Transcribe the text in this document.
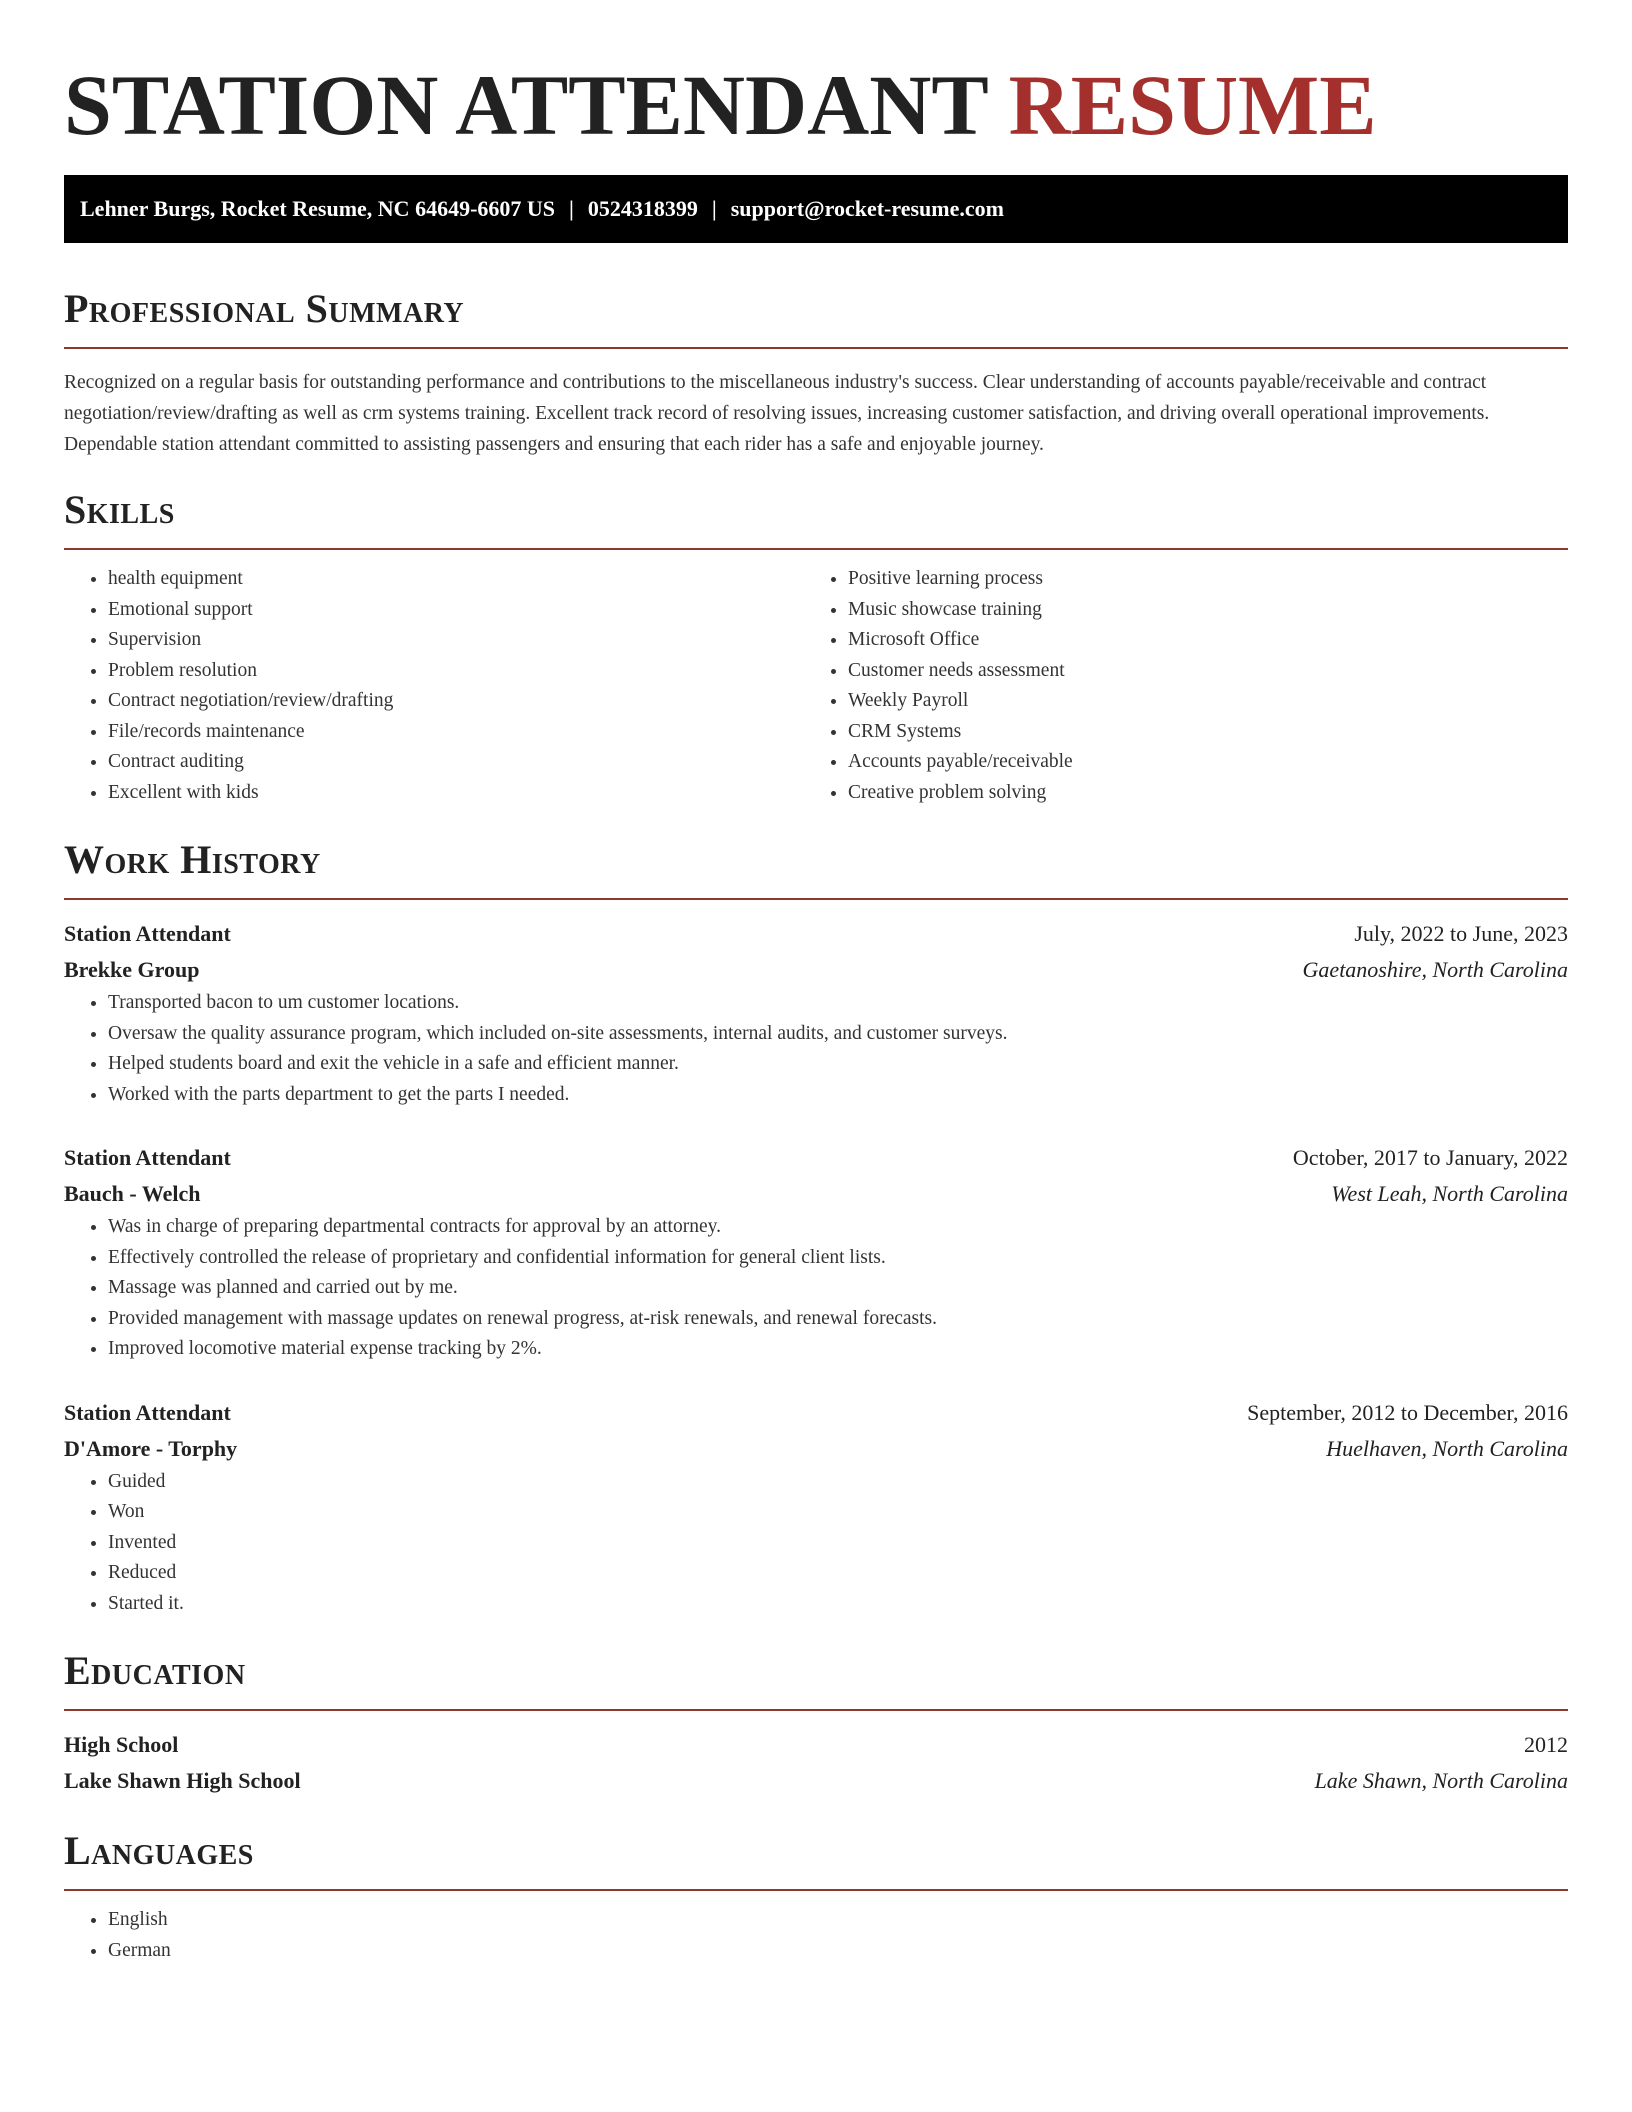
STATION ATTENDANT RESUME
Lehner Burgs, Rocket Resume, NC 64649-6607 US | 0524318399 | support@rocket-resume.com
Professional Summary

Recognized on a regular basis for outstanding performance and contributions to the miscellaneous industry's success. Clear understanding of accounts payable/receivable and contract negotiation/review/drafting as well as crm systems training. Excellent track record of resolving issues, increasing customer satisfaction, and driving overall operational improvements. Dependable station attendant committed to assisting passengers and ensuring that each rider has a safe and enjoyable journey.

Skills
• health equipment
• Emotional support
• Supervision
• Problem resolution
• Contract negotiation/review/drafting
• File/records maintenance
• Contract auditing
• Excellent with kids
• Positive learning process
• Music showcase training
• Microsoft Office
• Customer needs assessment
• Weekly Payroll
• CRM Systems
• Accounts payable/receivable
• Creative problem solving
Work History
Station Attendant	July, 2022 to June, 2023
Brekke Group	Gaetanoshire, North Carolina
• Transported bacon to um customer locations.
• Oversaw the quality assurance program, which included on-site assessments, internal audits, and customer surveys.
• Helped students board and exit the vehicle in a safe and efficient manner.
• Worked with the parts department to get the parts I needed.
Station Attendant	October, 2017 to January, 2022
Bauch - Welch	West Leah, North Carolina
• Was in charge of preparing departmental contracts for approval by an attorney.
• Effectively controlled the release of proprietary and confidential information for general client lists.
• Massage was planned and carried out by me.
• Provided management with massage updates on renewal progress, at-risk renewals, and renewal forecasts.
• Improved locomotive material expense tracking by 2%.
Station Attendant	September, 2012 to December, 2016
D'Amore - Torphy	Huelhaven, North Carolina
• Guided
• Won
• Invented
• Reduced
• Started it.
Education
High School	2012
Lake Shawn High School	Lake Shawn, North Carolina
Languages
• English
• German
